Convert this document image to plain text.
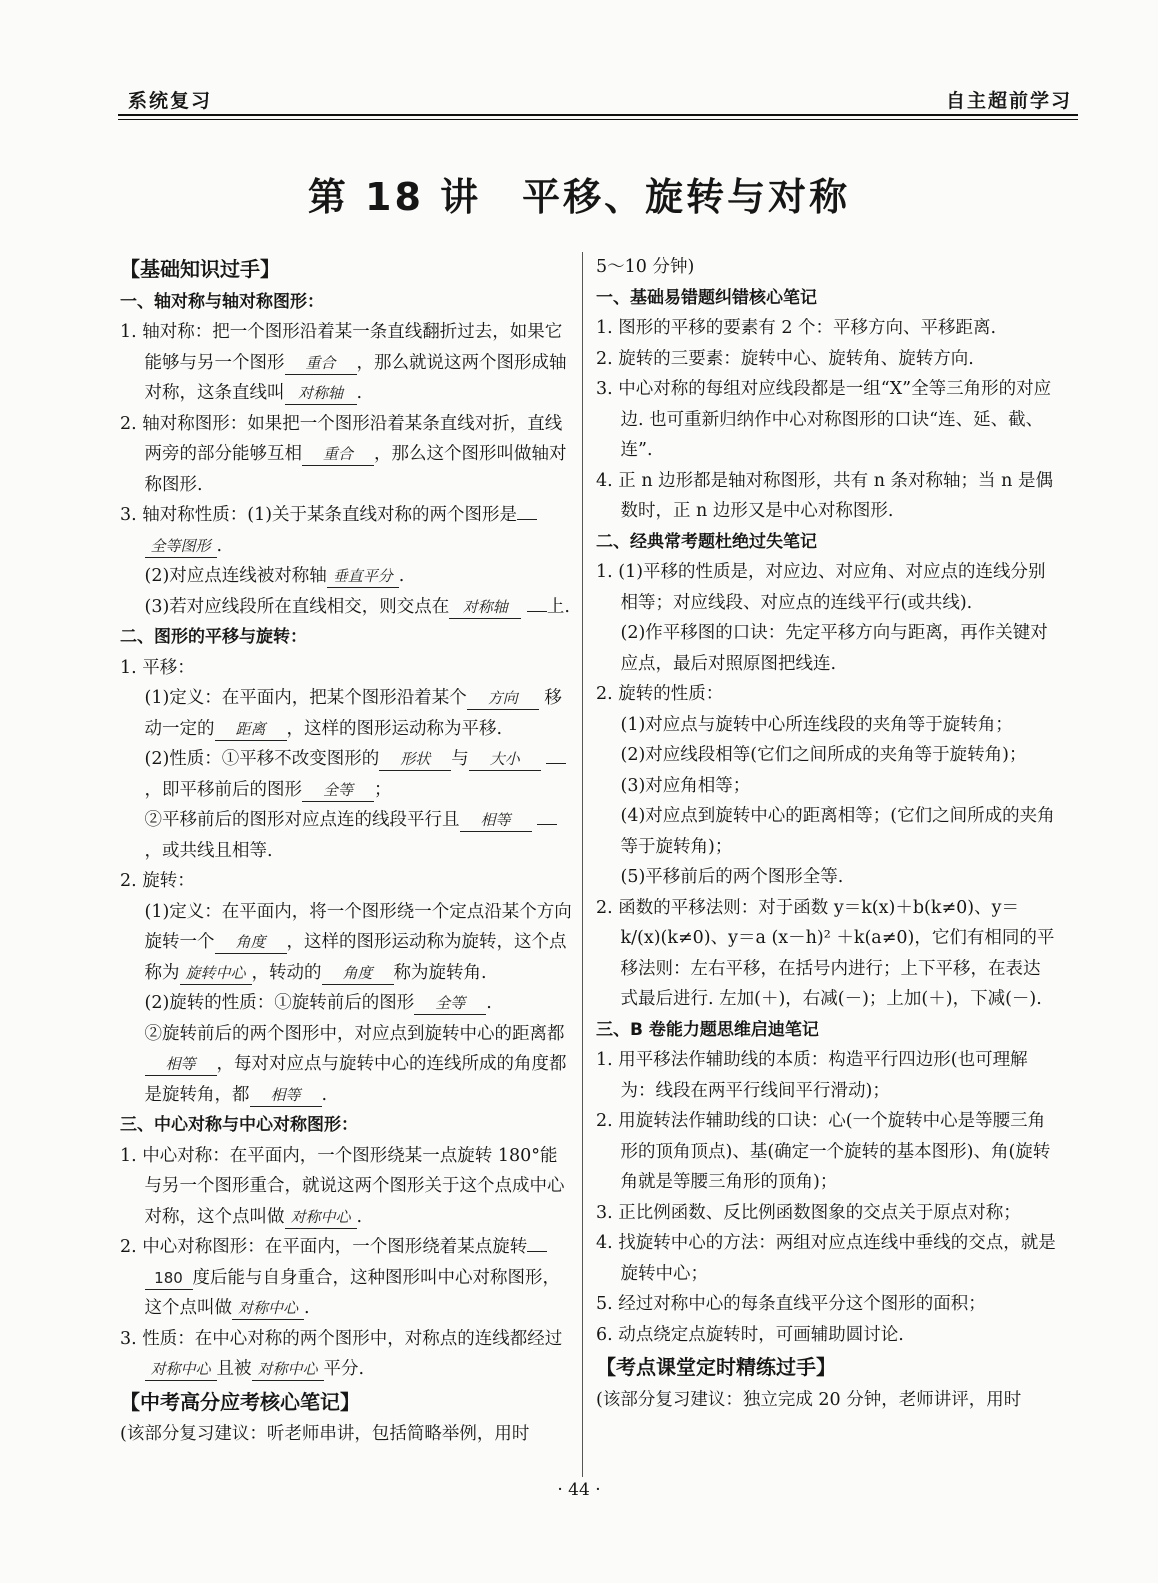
系统复习	自主超前学习
第 18 讲　平移、旋转与对称
【基础知识过手】
一、轴对称与轴对称图形：
1. 轴对称：把一个图形沿着某一条直线翻折过去，如果它能够与另一个图形 重合 ，那么就说这两个图形成轴对称，这条直线叫 对称轴 .
2. 轴对称图形：如果把一个图形沿着某条直线对折，直线两旁的部分能够互相 重合 ，那么这个图形叫做轴对称图形.
3. 轴对称性质：(1)关于某条直线对称的两个图形是 全等图形 .
(2)对应点连线被对称轴 垂直平分 .
(3)若对应线段所在直线相交，则交点在 对称轴 上.
二、图形的平移与旋转：
1. 平移：
(1)定义：在平面内，把某个图形沿着某个 方向 移动一定的 距离 ，这样的图形运动称为平移.
(2)性质：①平移不改变图形的 形状 与 大小 ，即平移前后的图形 全等 ；
②平移前后的图形对应点连的线段平行且 相等 ，或共线且相等.
2. 旋转：
(1)定义：在平面内，将一个图形绕一个定点沿某个方向旋转一个 角度 ，这样的图形运动称为旋转，这个点称为 旋转中心 ，转动的 角度 称为旋转角.
(2)旋转的性质：①旋转前后的图形 全等 .
②旋转前后的两个图形中，对应点到旋转中心的距离都相等 ，每对对应点与旋转中心的连线所成的角度都是旋转角，都 相等 .
三、中心对称与中心对称图形：
1. 中心对称：在平面内，一个图形绕某一点旋转 180°能与另一个图形重合，就说这两个图形关于这个点成中心对称，这个点叫做 对称中心 .
2. 中心对称图形：在平面内，一个图形绕着某点旋转 180 度后能与自身重合，这种图形叫中心对称图形，这个点叫做 对称中心 .
3. 性质：在中心对称的两个图形中，对称点的连线都经过对称中心 且被 对称中心 平分.
【中考高分应考核心笔记】
(该部分复习建议：听老师串讲，包括简略举例，用时
5～10 分钟)
一、基础易错题纠错核心笔记
1. 图形的平移的要素有 2 个：平移方向、平移距离.
2. 旋转的三要素：旋转中心、旋转角、旋转方向.
3. 中心对称的每组对应线段都是一组“X”全等三角形的对应边. 也可重新归纳作中心对称图形的口诀“连、延、截、连”.
4. 正 n 边形都是轴对称图形，共有 n 条对称轴；当 n 是偶数时，正 n 边形又是中心对称图形.
二、经典常考题杜绝过失笔记
1. (1)平移的性质是，对应边、对应角、对应点的连线分别相等；对应线段、对应点的连线平行(或共线).
(2)作平移图的口诀：先定平移方向与距离，再作关键对应点，最后对照原图把线连.
2. 旋转的性质：
(1)对应点与旋转中心所连线段的夹角等于旋转角；
(2)对应线段相等(它们之间所成的夹角等于旋转角)；
(3)对应角相等；
(4)对应点到旋转中心的距离相等；(它们之间所成的夹角等于旋转角)；
(5)平移前后的两个图形全等.
2. 函数的平移法则：对于函数 y＝k(x)＋b(k≠0)、y＝ k/(x)(k≠0)、y＝a (x－h)² ＋k(a≠0)，它们有相同的平移法则：左右平移，在括号内进行；上下平移，在表达式最后进行. 左加(＋)，右减(－)；上加(＋)，下减(－).
三、B 卷能力题思维启迪笔记
1. 用平移法作辅助线的本质：构造平行四边形(也可理解为：线段在两平行线间平行滑动)；
2. 用旋转法作辅助线的口诀：心(一个旋转中心是等腰三角形的顶角顶点)、基(确定一个旋转的基本图形)、角(旋转角就是等腰三角形的顶角)；
3. 正比例函数、反比例函数图象的交点关于原点对称；
4. 找旋转中心的方法：两组对应点连线中垂线的交点，就是旋转中心；
5. 经过对称中心的每条直线平分这个图形的面积；
6. 动点绕定点旋转时，可画辅助圆讨论.
【考点课堂定时精练过手】
(该部分复习建议：独立完成 20 分钟，老师讲评，用时
· 44 ·
